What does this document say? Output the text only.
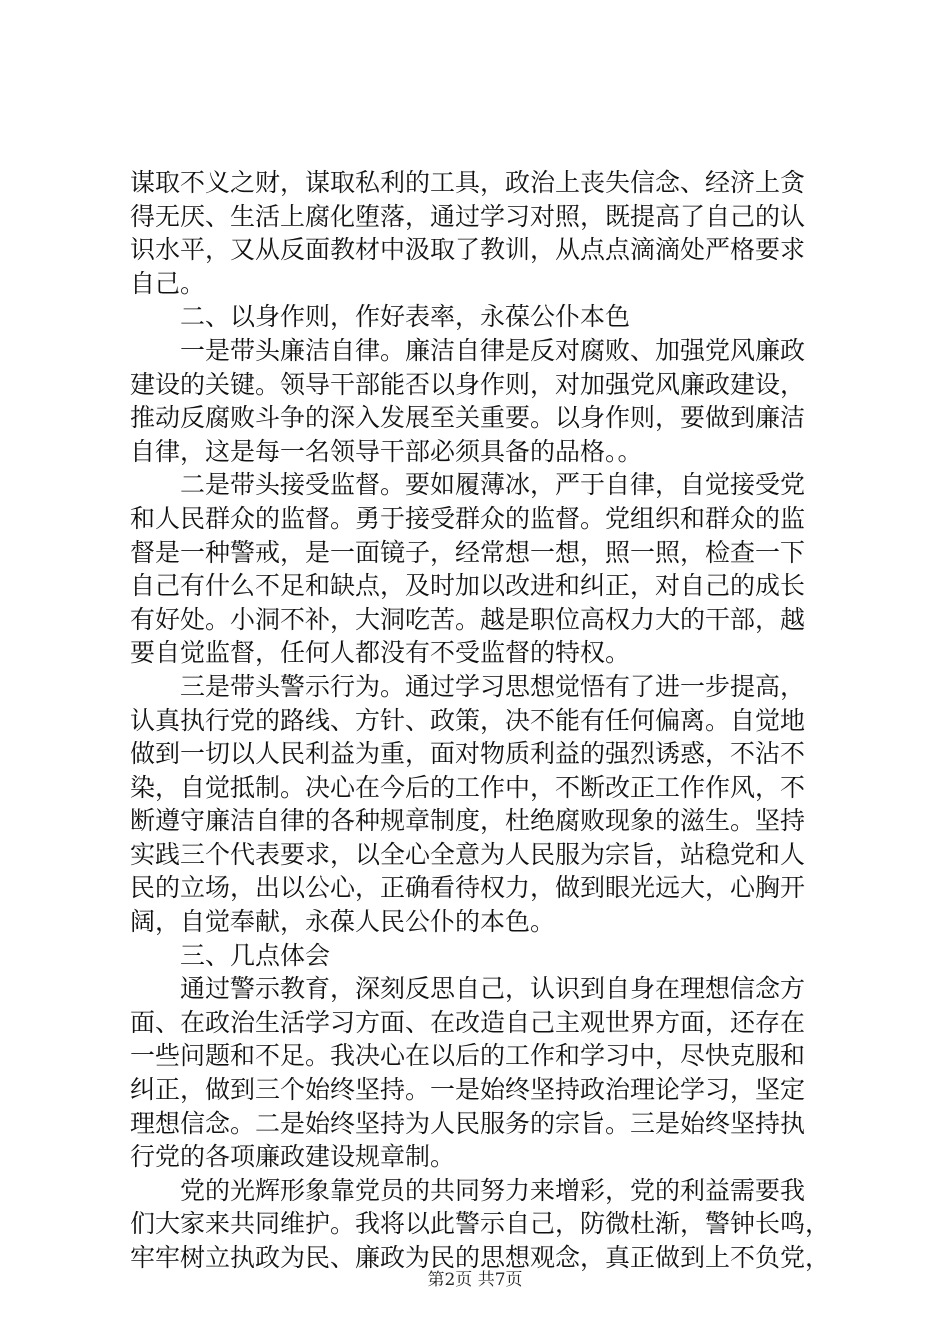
谋取不义之财，谋取私利的工具，政治上丧失信念、经济上贪
得无厌、生活上腐化堕落，通过学习对照，既提高了自己的认
识水平，又从反面教材中汲取了教训，从点点滴滴处严格要求
自己。
二、以身作则，作好表率，永葆公仆本色
一是带头廉洁自律。廉洁自律是反对腐败、加强党风廉政
建设的关键。领导干部能否以身作则，对加强党风廉政建设，
推动反腐败斗争的深入发展至关重要。以身作则，要做到廉洁
自律，这是每一名领导干部必须具备的品格。。
二是带头接受监督。要如履薄冰，严于自律，自觉接受党
和人民群众的监督。勇于接受群众的监督。党组织和群众的监
督是一种警戒，是一面镜子，经常想一想，照一照，检查一下
自己有什么不足和缺点，及时加以改进和纠正，对自己的成长
有好处。小洞不补，大洞吃苦。越是职位高权力大的干部，越
要自觉监督，任何人都没有不受监督的特权。
三是带头警示行为。通过学习思想觉悟有了进一步提高，
认真执行党的路线、方针、政策，决不能有任何偏离。自觉地
做到一切以人民利益为重，面对物质利益的强烈诱惑，不沾不
染，自觉抵制。决心在今后的工作中，不断改正工作作风，不
断遵守廉洁自律的各种规章制度，杜绝腐败现象的滋生。坚持
实践三个代表要求，以全心全意为人民服为宗旨，站稳党和人
民的立场，出以公心，正确看待权力，做到眼光远大，心胸开
阔，自觉奉献，永葆人民公仆的本色。
三、几点体会
通过警示教育，深刻反思自己，认识到自身在理想信念方
面、在政治生活学习方面、在改造自己主观世界方面，还存在
一些问题和不足。我决心在以后的工作和学习中，尽快克服和
纠正，做到三个始终坚持。一是始终坚持政治理论学习，坚定
理想信念。二是始终坚持为人民服务的宗旨。三是始终坚持执
行党的各项廉政建设规章制。
党的光辉形象靠党员的共同努力来增彩，党的利益需要我
们大家来共同维护。我将以此警示自己，防微杜渐，警钟长鸣，
牢牢树立执政为民、廉政为民的思想观念，真正做到上不负党，
第2页 共7页
